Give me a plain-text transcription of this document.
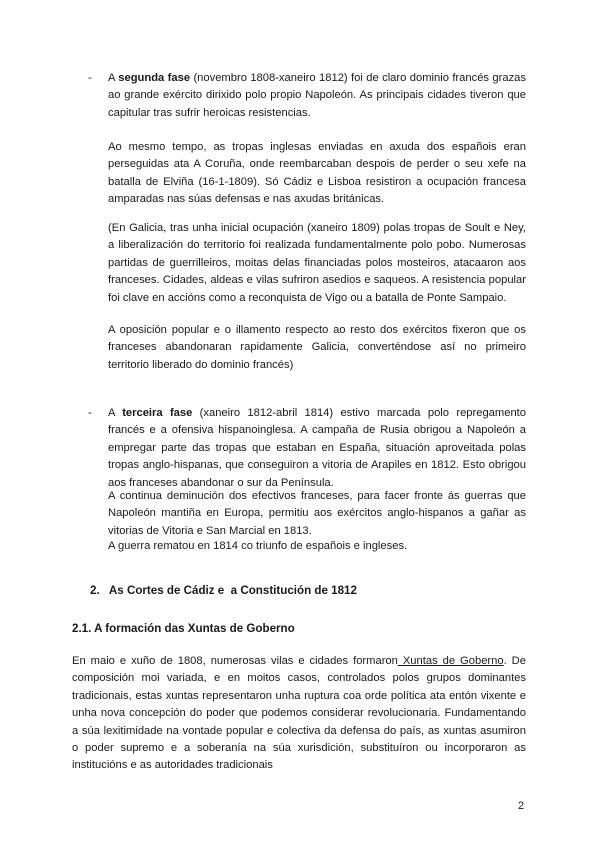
- A segunda fase (novembro 1808-xaneiro 1812) foi de claro dominio francés grazas ao grande exército dirixido polo propio Napoleón. As principais cidades tiveron que capitular tras sufrir heroicas resistencias.
Ao mesmo tempo, as tropas inglesas enviadas en axuda dos españois eran perseguidas ata A Coruña, onde reembarcaban despois de perder o seu xefe na batalla de Elviña (16-1-1809). Só Cádiz e Lisboa resistiron a ocupación francesa amparadas nas súas defensas e nas axudas británicas.
(En Galicia, tras unha inicial ocupación (xaneiro 1809) polas tropas de Soult e Ney, a liberalización do territorio foi realizada fundamentalmente polo pobo. Numerosas partidas de guerrilleiros, moitas delas financiadas polos mosteiros, atacaaron aos franceses. Cidades, aldeas e vilas sufriron asedios e saqueos. A resistencia popular foi clave en accións como a reconquista de Vigo ou a batalla de Ponte Sampaio.
A oposición popular e o illamento respecto ao resto dos exércitos fixeron que os franceses abandonaran rapidamente Galicia, converténdose así no primeiro territorio liberado do dominio francés)
- A terceira fase (xaneiro 1812-abril 1814) estivo marcada polo repregamento francés e a ofensiva hispanoinglesa. A campaña de Rusia obrigou a Napoleón a empregar parte das tropas que estaban en España, situación aproveitada polas tropas anglo-hispanas, que conseguiron a vitoria de Arapiles en 1812. Esto obrigou aos franceses abandonar o sur da Península.
A continua deminución dos efectivos franceses, para facer fronte ás guerras que Napoleón mantiña en Europa, permitiu aos exércitos anglo-hispanos a gañar as vitorias de Vitoria e San Marcial en 1813.
A guerra rematou en 1814 co triunfo de españois e ingleses.
2.   As Cortes de Cádiz e  a Constitución de 1812
2.1. A formación das Xuntas de Goberno
En maio e xuño de 1808, numerosas vilas e cidades formaron Xuntas de Goberno. De composición moi variada, e en moitos casos, controlados polos grupos dominantes tradicionais, estas xuntas representaron unha ruptura coa orde política ata entón vixente e unha nova concepción do poder que podemos considerar revolucionaria. Fundamentando a súa lexitimidade na vontade popular e colectiva da defensa do país, as xuntas asumiron o poder supremo e a soberanía na súa xurisdición, substituíron ou incorporaron as institucións e as autoridades tradicionais
2
